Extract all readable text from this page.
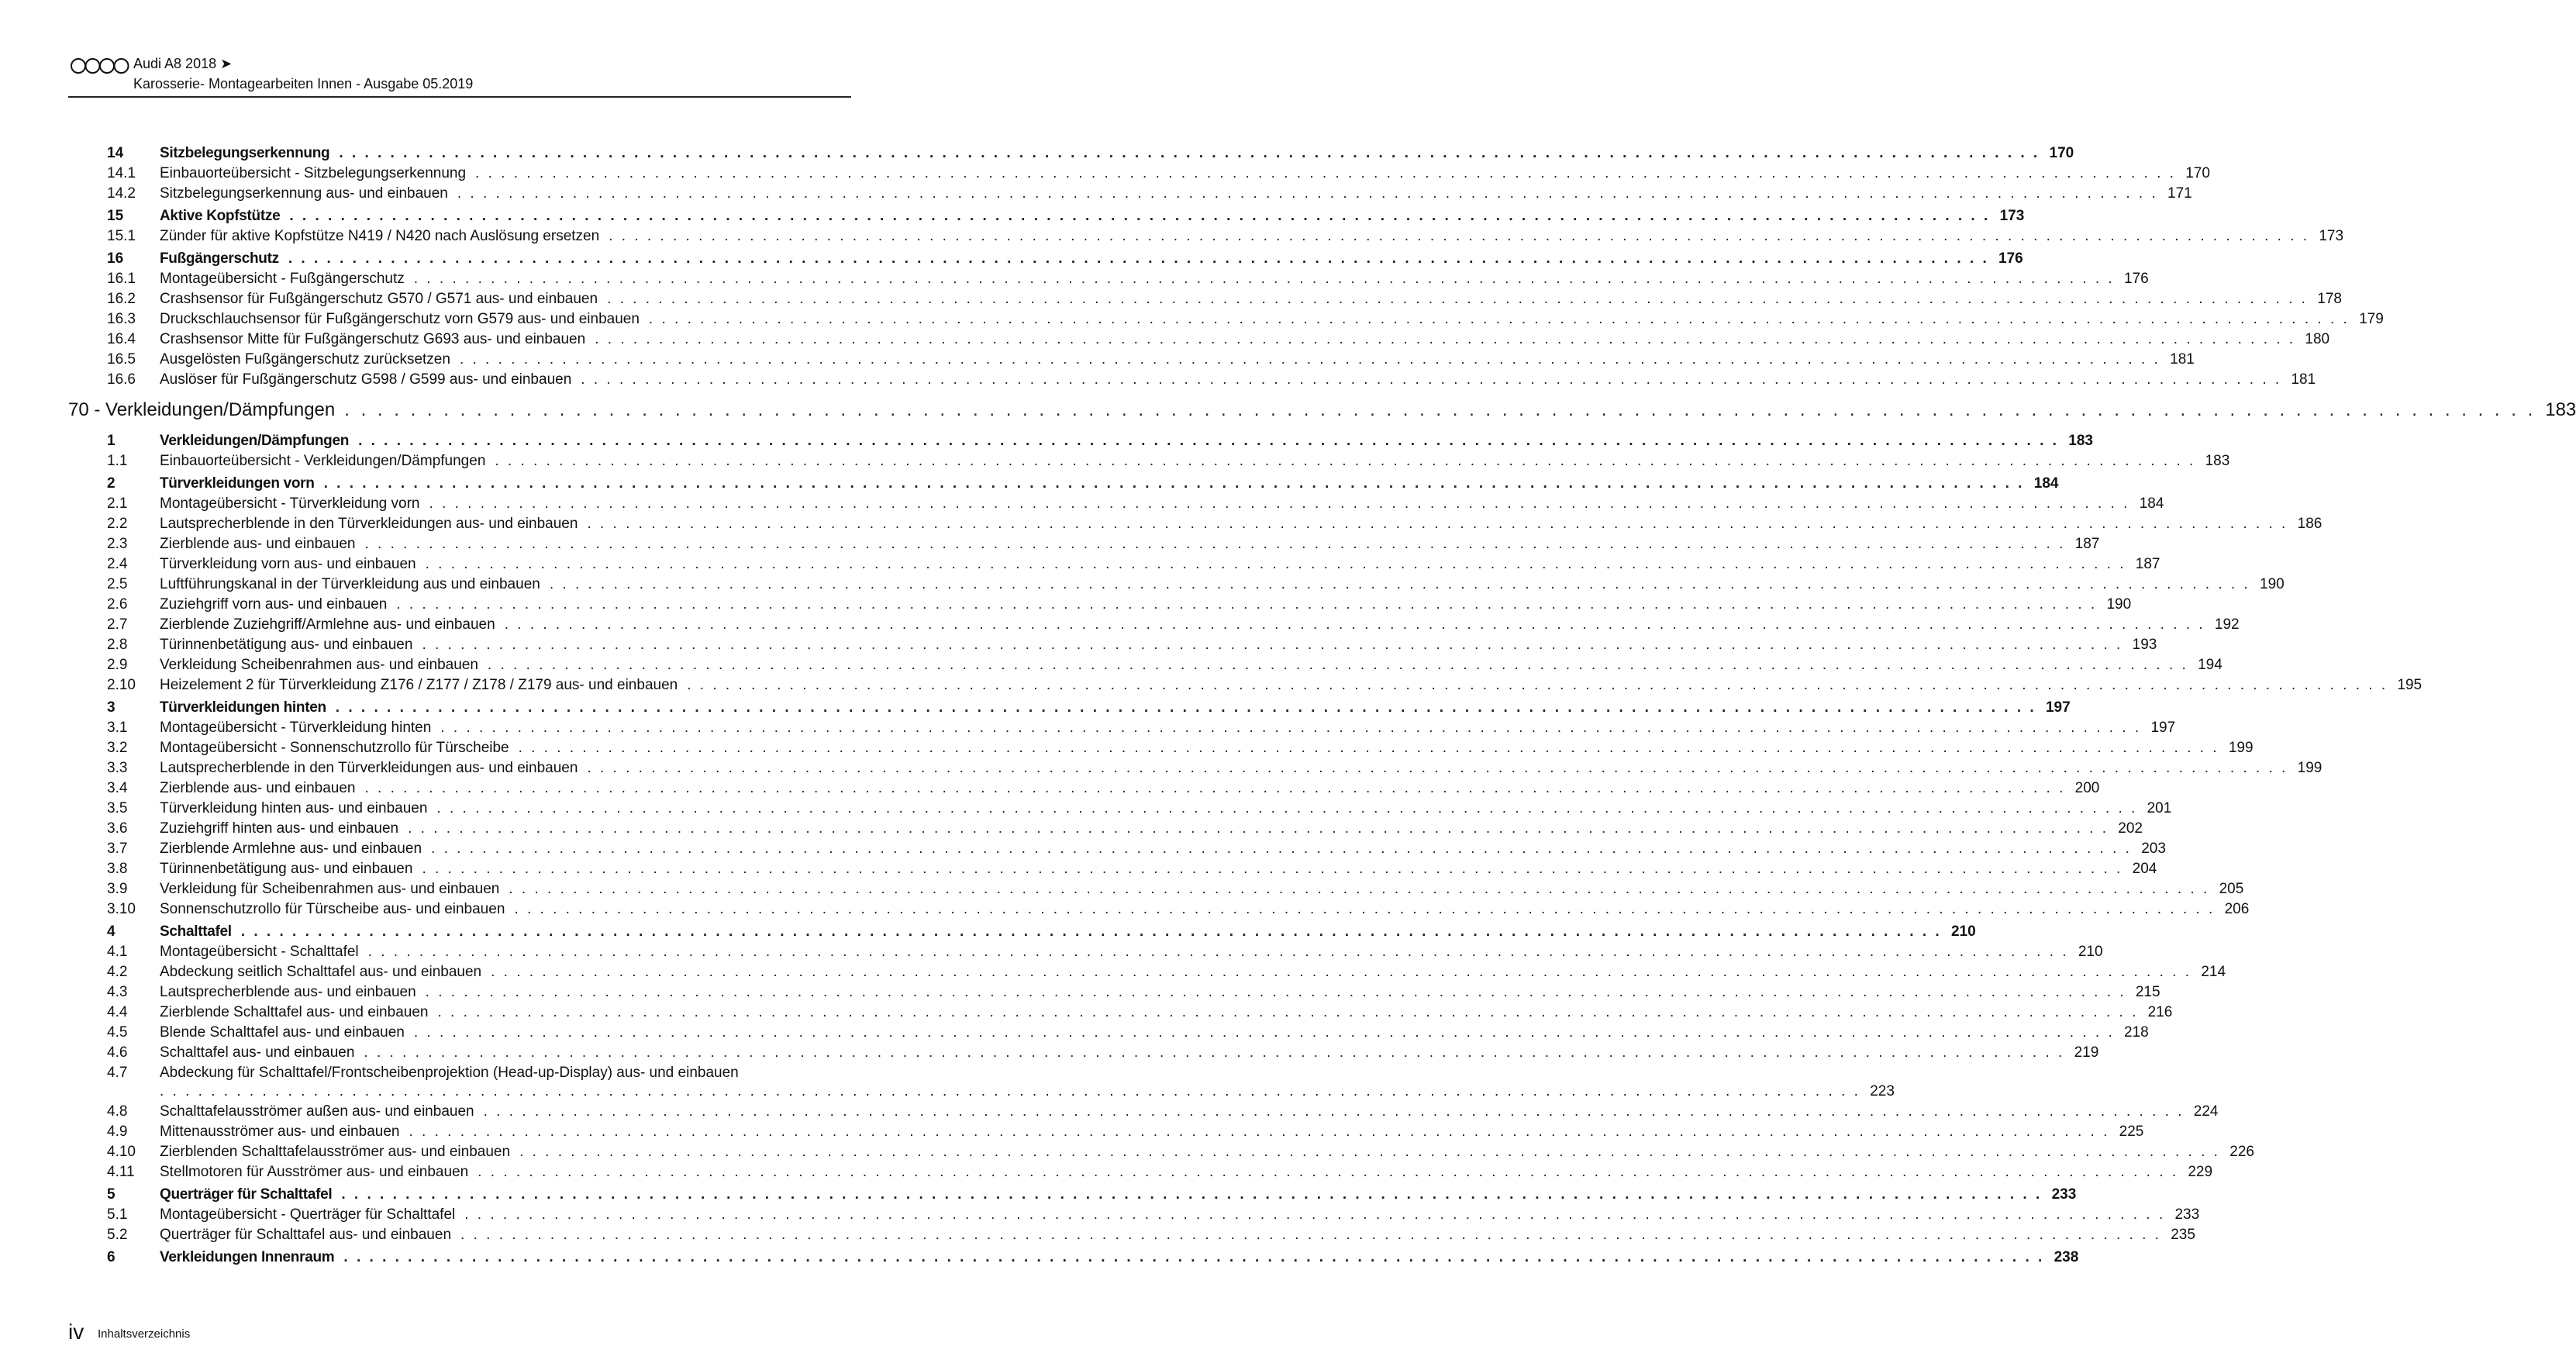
Audi A8 2018 ➤
Karosserie- Montagearbeiten Innen - Ausgabe 05.2019
14	Sitzbelegungserkennung . . . . . . . . . . . . . . . . . . . . . . . . . . . . . . . . . . . . . . . . . . . . . . . . . . . . . . . . . . . . . . . . . . . . . . . . . . . . . . . . . . . . . . . . . . . . . . . . . . . . . . . . . . . . . . . . . . . . . . . . . . . . . . . . . . . . . 170
14.1	Einbauorteübersicht - Sitzbelegungserkennung . . . . . . . . . . . . . . . . . . . . . . . . . . . . . . . . . . . . . . . . . . . . . . . . . . . . . . . . . . . . . . . . . . . . . . . . . . . . . . . . . . . . . . . . . . . . . . . . . . . . . . . . . . . . . . . . . . . . . . . . . . . . . . . . . . . . . 170
14.2	Sitzbelegungserkennung aus- und einbauen . . . . . . . . . . . . . . . . . . . . . . . . . . . . . . . . . . . . . . . . . . . . . . . . . . . . . . . . . . . . . . . . . . . . . . . . . . . . . . . . . . . . . . . . . . . . . . . . . . . . . . . . . . . . . . . . . . . . . . . . . . . . . . . . . . . . . 171
15	Aktive Kopfstütze . . . . . . . . . . . . . . . . . . . . . . . . . . . . . . . . . . . . . . . . . . . . . . . . . . . . . . . . . . . . . . . . . . . . . . . . . . . . . . . . . . . . . . . . . . . . . . . . . . . . . . . . . . . . . . . . . . . . . . . . . . . . . . . . . . . . . 173
15.1	Zünder für aktive Kopfstütze N419 / N420 nach Auslösung ersetzen . . . . . . . . . . . . . . . . . . . . . . . . . . . . . . . . . . . . . . . . . . . . . . . . . . . . . . . . . . . . . . . . . . . . . . . . . . . . . . . . . . . . . . . . . . . . . . . . . . . . . . . . . . . . . . . . . . . . . . . . . . . . . . . . . . . . . 173
16	Fußgängerschutz . . . . . . . . . . . . . . . . . . . . . . . . . . . . . . . . . . . . . . . . . . . . . . . . . . . . . . . . . . . . . . . . . . . . . . . . . . . . . . . . . . . . . . . . . . . . . . . . . . . . . . . . . . . . . . . . . . . . . . . . . . . . . . . . . . . . . 176
16.1	Montageübersicht - Fußgängerschutz . . . . . . . . . . . . . . . . . . . . . . . . . . . . . . . . . . . . . . . . . . . . . . . . . . . . . . . . . . . . . . . . . . . . . . . . . . . . . . . . . . . . . . . . . . . . . . . . . . . . . . . . . . . . . . . . . . . . . . . . . . . . . . . . . . . . . 176
16.2	Crashsensor für Fußgängerschutz G570 / G571 aus- und einbauen . . . . . . . . . . . . . . . . . . . . . . . . . . . . . . . . . . . . . . . . . . . . . . . . . . . . . . . . . . . . . . . . . . . . . . . . . . . . . . . . . . . . . . . . . . . . . . . . . . . . . . . . . . . . . . . . . . . . . . . . . . . . . . . . . . . . . 178
16.3	Druckschlauchsensor für Fußgängerschutz vorn G579 aus- und einbauen . . . . . . . . . . . . . . . . . . . . . . . . . . . . . . . . . . . . . . . . . . . . . . . . . . . . . . . . . . . . . . . . . . . . . . . . . . . . . . . . . . . . . . . . . . . . . . . . . . . . . . . . . . . . . . . . . . . . . . . . . . . . . . . . . . . . . 179
16.4	Crashsensor Mitte für Fußgängerschutz G693 aus- und einbauen . . . . . . . . . . . . . . . . . . . . . . . . . . . . . . . . . . . . . . . . . . . . . . . . . . . . . . . . . . . . . . . . . . . . . . . . . . . . . . . . . . . . . . . . . . . . . . . . . . . . . . . . . . . . . . . . . . . . . . . . . . . . . . . . . . . . . 180
16.5	Ausgelösten Fußgängerschutz zurücksetzen . . . . . . . . . . . . . . . . . . . . . . . . . . . . . . . . . . . . . . . . . . . . . . . . . . . . . . . . . . . . . . . . . . . . . . . . . . . . . . . . . . . . . . . . . . . . . . . . . . . . . . . . . . . . . . . . . . . . . . . . . . . . . . . . . . . . . 181
16.6	Auslöser für Fußgängerschutz G598 / G599 aus- und einbauen . . . . . . . . . . . . . . . . . . . . . . . . . . . . . . . . . . . . . . . . . . . . . . . . . . . . . . . . . . . . . . . . . . . . . . . . . . . . . . . . . . . . . . . . . . . . . . . . . . . . . . . . . . . . . . . . . . . . . . . . . . . . . . . . . . . . . 181
70 - Verkleidungen/Dämpfungen . . . . . . . . . . . . . . . . . . . . . . . . . . . . . . . . . . . . . . . . . . . . . . . . . . . . . . . . . . . . . . . . . . . . . . . . . . . . . . . . . . . . . . . . . . . . . . . . . . . . . . . . . . . . . . . . . . . . . . . . . . . . . . . . . . . . . 183
1	Verkleidungen/Dämpfungen . . . . . . . . . . . . . . . . . . . . . . . . . . . . . . . . . . . . . . . . . . . . . . . . . . . . . . . . . . . . . . . . . . . . . . . . . . . . . . . . . . . . . . . . . . . . . . . . . . . . . . . . . . . . . . . . . . . . . . . . . . . . . . . . . . . . . 183
1.1	Einbauorteübersicht - Verkleidungen/Dämpfungen . . . . . . . . . . . . . . . . . . . . . . . . . . . . . . . . . . . . . . . . . . . . . . . . . . . . . . . . . . . . . . . . . . . . . . . . . . . . . . . . . . . . . . . . . . . . . . . . . . . . . . . . . . . . . . . . . . . . . . . . . . . . . . . . . . . . . 183
2	Türverkleidungen vorn . . . . . . . . . . . . . . . . . . . . . . . . . . . . . . . . . . . . . . . . . . . . . . . . . . . . . . . . . . . . . . . . . . . . . . . . . . . . . . . . . . . . . . . . . . . . . . . . . . . . . . . . . . . . . . . . . . . . . . . . . . . . . . . . . . . . . 184
2.1	Montageübersicht - Türverkleidung vorn . . . . . . . . . . . . . . . . . . . . . . . . . . . . . . . . . . . . . . . . . . . . . . . . . . . . . . . . . . . . . . . . . . . . . . . . . . . . . . . . . . . . . . . . . . . . . . . . . . . . . . . . . . . . . . . . . . . . . . . . . . . . . . . . . . . . . 184
2.2	Lautsprecherblende in den Türverkleidungen aus- und einbauen . . . . . . . . . . . . . . . . . . . . . . . . . . . . . . . . . . . . . . . . . . . . . . . . . . . . . . . . . . . . . . . . . . . . . . . . . . . . . . . . . . . . . . . . . . . . . . . . . . . . . . . . . . . . . . . . . . . . . . . . . . . . . . . . . . . . . 186
2.3	Zierblende aus- und einbauen . . . . . . . . . . . . . . . . . . . . . . . . . . . . . . . . . . . . . . . . . . . . . . . . . . . . . . . . . . . . . . . . . . . . . . . . . . . . . . . . . . . . . . . . . . . . . . . . . . . . . . . . . . . . . . . . . . . . . . . . . . . . . . . . . . . . . 187
2.4	Türverkleidung vorn aus- und einbauen . . . . . . . . . . . . . . . . . . . . . . . . . . . . . . . . . . . . . . . . . . . . . . . . . . . . . . . . . . . . . . . . . . . . . . . . . . . . . . . . . . . . . . . . . . . . . . . . . . . . . . . . . . . . . . . . . . . . . . . . . . . . . . . . . . . . . 187
2.5	Luftführungskanal in der Türverkleidung aus und einbauen . . . . . . . . . . . . . . . . . . . . . . . . . . . . . . . . . . . . . . . . . . . . . . . . . . . . . . . . . . . . . . . . . . . . . . . . . . . . . . . . . . . . . . . . . . . . . . . . . . . . . . . . . . . . . . . . . . . . . . . . . . . . . . . . . . . . . 190
2.6	Zuziehgriff vorn aus- und einbauen . . . . . . . . . . . . . . . . . . . . . . . . . . . . . . . . . . . . . . . . . . . . . . . . . . . . . . . . . . . . . . . . . . . . . . . . . . . . . . . . . . . . . . . . . . . . . . . . . . . . . . . . . . . . . . . . . . . . . . . . . . . . . . . . . . . . . 190
2.7	Zierblende Zuziehgriff/Armlehne aus- und einbauen . . . . . . . . . . . . . . . . . . . . . . . . . . . . . . . . . . . . . . . . . . . . . . . . . . . . . . . . . . . . . . . . . . . . . . . . . . . . . . . . . . . . . . . . . . . . . . . . . . . . . . . . . . . . . . . . . . . . . . . . . . . . . . . . . . . . . 192
2.8	Türinnenbetätigung aus- und einbauen . . . . . . . . . . . . . . . . . . . . . . . . . . . . . . . . . . . . . . . . . . . . . . . . . . . . . . . . . . . . . . . . . . . . . . . . . . . . . . . . . . . . . . . . . . . . . . . . . . . . . . . . . . . . . . . . . . . . . . . . . . . . . . . . . . . . . 193
2.9	Verkleidung Scheibenrahmen aus- und einbauen . . . . . . . . . . . . . . . . . . . . . . . . . . . . . . . . . . . . . . . . . . . . . . . . . . . . . . . . . . . . . . . . . . . . . . . . . . . . . . . . . . . . . . . . . . . . . . . . . . . . . . . . . . . . . . . . . . . . . . . . . . . . . . . . . . . . . 194
2.10	Heizelement 2 für Türverkleidung Z176 / Z177 / Z178 / Z179 aus- und einbauen . . . . . . . . . . . . . . . . . . . . . . . . . . . . . . . . . . . . . . . . . . . . . . . . . . . . . . . . . . . . . . . . . . . . . . . . . . . . . . . . . . . . . . . . . . . . . . . . . . . . . . . . . . . . . . . . . . . . . . . . . . . . . . . . . . . . . 195
3	Türverkleidungen hinten . . . . . . . . . . . . . . . . . . . . . . . . . . . . . . . . . . . . . . . . . . . . . . . . . . . . . . . . . . . . . . . . . . . . . . . . . . . . . . . . . . . . . . . . . . . . . . . . . . . . . . . . . . . . . . . . . . . . . . . . . . . . . . . . . . . . . 197
3.1	Montageübersicht - Türverkleidung hinten . . . . . . . . . . . . . . . . . . . . . . . . . . . . . . . . . . . . . . . . . . . . . . . . . . . . . . . . . . . . . . . . . . . . . . . . . . . . . . . . . . . . . . . . . . . . . . . . . . . . . . . . . . . . . . . . . . . . . . . . . . . . . . . . . . . . . 197
3.2	Montageübersicht - Sonnenschutzrollo für Türscheibe . . . . . . . . . . . . . . . . . . . . . . . . . . . . . . . . . . . . . . . . . . . . . . . . . . . . . . . . . . . . . . . . . . . . . . . . . . . . . . . . . . . . . . . . . . . . . . . . . . . . . . . . . . . . . . . . . . . . . . . . . . . . . . . . . . . . . 199
3.3	Lautsprecherblende in den Türverkleidungen aus- und einbauen . . . . . . . . . . . . . . . . . . . . . . . . . . . . . . . . . . . . . . . . . . . . . . . . . . . . . . . . . . . . . . . . . . . . . . . . . . . . . . . . . . . . . . . . . . . . . . . . . . . . . . . . . . . . . . . . . . . . . . . . . . . . . . . . . . . . . 199
3.4	Zierblende aus- und einbauen . . . . . . . . . . . . . . . . . . . . . . . . . . . . . . . . . . . . . . . . . . . . . . . . . . . . . . . . . . . . . . . . . . . . . . . . . . . . . . . . . . . . . . . . . . . . . . . . . . . . . . . . . . . . . . . . . . . . . . . . . . . . . . . . . . . . . 200
3.5	Türverkleidung hinten aus- und einbauen . . . . . . . . . . . . . . . . . . . . . . . . . . . . . . . . . . . . . . . . . . . . . . . . . . . . . . . . . . . . . . . . . . . . . . . . . . . . . . . . . . . . . . . . . . . . . . . . . . . . . . . . . . . . . . . . . . . . . . . . . . . . . . . . . . . . . 201
3.6	Zuziehgriff hinten aus- und einbauen . . . . . . . . . . . . . . . . . . . . . . . . . . . . . . . . . . . . . . . . . . . . . . . . . . . . . . . . . . . . . . . . . . . . . . . . . . . . . . . . . . . . . . . . . . . . . . . . . . . . . . . . . . . . . . . . . . . . . . . . . . . . . . . . . . . . . 202
3.7	Zierblende Armlehne aus- und einbauen . . . . . . . . . . . . . . . . . . . . . . . . . . . . . . . . . . . . . . . . . . . . . . . . . . . . . . . . . . . . . . . . . . . . . . . . . . . . . . . . . . . . . . . . . . . . . . . . . . . . . . . . . . . . . . . . . . . . . . . . . . . . . . . . . . . . . 203
3.8	Türinnenbetätigung aus- und einbauen . . . . . . . . . . . . . . . . . . . . . . . . . . . . . . . . . . . . . . . . . . . . . . . . . . . . . . . . . . . . . . . . . . . . . . . . . . . . . . . . . . . . . . . . . . . . . . . . . . . . . . . . . . . . . . . . . . . . . . . . . . . . . . . . . . . . . 204
3.9	Verkleidung für Scheibenrahmen aus- und einbauen . . . . . . . . . . . . . . . . . . . . . . . . . . . . . . . . . . . . . . . . . . . . . . . . . . . . . . . . . . . . . . . . . . . . . . . . . . . . . . . . . . . . . . . . . . . . . . . . . . . . . . . . . . . . . . . . . . . . . . . . . . . . . . . . . . . . . 205
3.10	Sonnenschutzrollo für Türscheibe aus- und einbauen . . . . . . . . . . . . . . . . . . . . . . . . . . . . . . . . . . . . . . . . . . . . . . . . . . . . . . . . . . . . . . . . . . . . . . . . . . . . . . . . . . . . . . . . . . . . . . . . . . . . . . . . . . . . . . . . . . . . . . . . . . . . . . . . . . . . . 206
4	Schalttafel . . . . . . . . . . . . . . . . . . . . . . . . . . . . . . . . . . . . . . . . . . . . . . . . . . . . . . . . . . . . . . . . . . . . . . . . . . . . . . . . . . . . . . . . . . . . . . . . . . . . . . . . . . . . . . . . . . . . . . . . . . . . . . . . . . . . . 210
4.1	Montageübersicht - Schalttafel . . . . . . . . . . . . . . . . . . . . . . . . . . . . . . . . . . . . . . . . . . . . . . . . . . . . . . . . . . . . . . . . . . . . . . . . . . . . . . . . . . . . . . . . . . . . . . . . . . . . . . . . . . . . . . . . . . . . . . . . . . . . . . . . . . . . . 210
4.2	Abdeckung seitlich Schalttafel aus- und einbauen . . . . . . . . . . . . . . . . . . . . . . . . . . . . . . . . . . . . . . . . . . . . . . . . . . . . . . . . . . . . . . . . . . . . . . . . . . . . . . . . . . . . . . . . . . . . . . . . . . . . . . . . . . . . . . . . . . . . . . . . . . . . . . . . . . . . . 214
4.3	Lautsprecherblende aus- und einbauen . . . . . . . . . . . . . . . . . . . . . . . . . . . . . . . . . . . . . . . . . . . . . . . . . . . . . . . . . . . . . . . . . . . . . . . . . . . . . . . . . . . . . . . . . . . . . . . . . . . . . . . . . . . . . . . . . . . . . . . . . . . . . . . . . . . . . 215
4.4	Zierblende Schalttafel aus- und einbauen . . . . . . . . . . . . . . . . . . . . . . . . . . . . . . . . . . . . . . . . . . . . . . . . . . . . . . . . . . . . . . . . . . . . . . . . . . . . . . . . . . . . . . . . . . . . . . . . . . . . . . . . . . . . . . . . . . . . . . . . . . . . . . . . . . . . . 216
4.5	Blende Schalttafel aus- und einbauen . . . . . . . . . . . . . . . . . . . . . . . . . . . . . . . . . . . . . . . . . . . . . . . . . . . . . . . . . . . . . . . . . . . . . . . . . . . . . . . . . . . . . . . . . . . . . . . . . . . . . . . . . . . . . . . . . . . . . . . . . . . . . . . . . . . . . 218
4.6	Schalttafel aus- und einbauen . . . . . . . . . . . . . . . . . . . . . . . . . . . . . . . . . . . . . . . . . . . . . . . . . . . . . . . . . . . . . . . . . . . . . . . . . . . . . . . . . . . . . . . . . . . . . . . . . . . . . . . . . . . . . . . . . . . . . . . . . . . . . . . . . . . . . 219
4.7	Abdeckung für Schalttafel/Frontscheibenprojektion (Head-up-Display) aus- und einbauen
. . . . . . . . . . . . . . . . . . . . . . . . . . . . . . . . . . . . . . . . . . . . . . . . . . . . . . . . . . . . . . . . . . . . . . . . . . . . . . . . . . . . . . . . . . . . . . . . . . . . . . . . . . . . . . . . . . . . . . . . . . . . . . . . . . . . . 223
4.8	Schalttafelausströmer außen aus- und einbauen . . . . . . . . . . . . . . . . . . . . . . . . . . . . . . . . . . . . . . . . . . . . . . . . . . . . . . . . . . . . . . . . . . . . . . . . . . . . . . . . . . . . . . . . . . . . . . . . . . . . . . . . . . . . . . . . . . . . . . . . . . . . . . . . . . . . . 224
4.9	Mittenausströmer aus- und einbauen . . . . . . . . . . . . . . . . . . . . . . . . . . . . . . . . . . . . . . . . . . . . . . . . . . . . . . . . . . . . . . . . . . . . . . . . . . . . . . . . . . . . . . . . . . . . . . . . . . . . . . . . . . . . . . . . . . . . . . . . . . . . . . . . . . . . . 225
4.10	Zierblenden Schalttafelausströmer aus- und einbauen . . . . . . . . . . . . . . . . . . . . . . . . . . . . . . . . . . . . . . . . . . . . . . . . . . . . . . . . . . . . . . . . . . . . . . . . . . . . . . . . . . . . . . . . . . . . . . . . . . . . . . . . . . . . . . . . . . . . . . . . . . . . . . . . . . . . . 226
4.11	Stellmotoren für Ausströmer aus- und einbauen . . . . . . . . . . . . . . . . . . . . . . . . . . . . . . . . . . . . . . . . . . . . . . . . . . . . . . . . . . . . . . . . . . . . . . . . . . . . . . . . . . . . . . . . . . . . . . . . . . . . . . . . . . . . . . . . . . . . . . . . . . . . . . . . . . . . . 229
5	Querträger für Schalttafel . . . . . . . . . . . . . . . . . . . . . . . . . . . . . . . . . . . . . . . . . . . . . . . . . . . . . . . . . . . . . . . . . . . . . . . . . . . . . . . . . . . . . . . . . . . . . . . . . . . . . . . . . . . . . . . . . . . . . . . . . . . . . . . . . . . . . 233
5.1	Montageübersicht - Querträger für Schalttafel . . . . . . . . . . . . . . . . . . . . . . . . . . . . . . . . . . . . . . . . . . . . . . . . . . . . . . . . . . . . . . . . . . . . . . . . . . . . . . . . . . . . . . . . . . . . . . . . . . . . . . . . . . . . . . . . . . . . . . . . . . . . . . . . . . . . . 233
5.2	Querträger für Schalttafel aus- und einbauen . . . . . . . . . . . . . . . . . . . . . . . . . . . . . . . . . . . . . . . . . . . . . . . . . . . . . . . . . . . . . . . . . . . . . . . . . . . . . . . . . . . . . . . . . . . . . . . . . . . . . . . . . . . . . . . . . . . . . . . . . . . . . . . . . . . . . 235
6	Verkleidungen Innenraum . . . . . . . . . . . . . . . . . . . . . . . . . . . . . . . . . . . . . . . . . . . . . . . . . . . . . . . . . . . . . . . . . . . . . . . . . . . . . . . . . . . . . . . . . . . . . . . . . . . . . . . . . . . . . . . . . . . . . . . . . . . . . . . . . . . . . 238
iv Inhaltsverzeichnis
